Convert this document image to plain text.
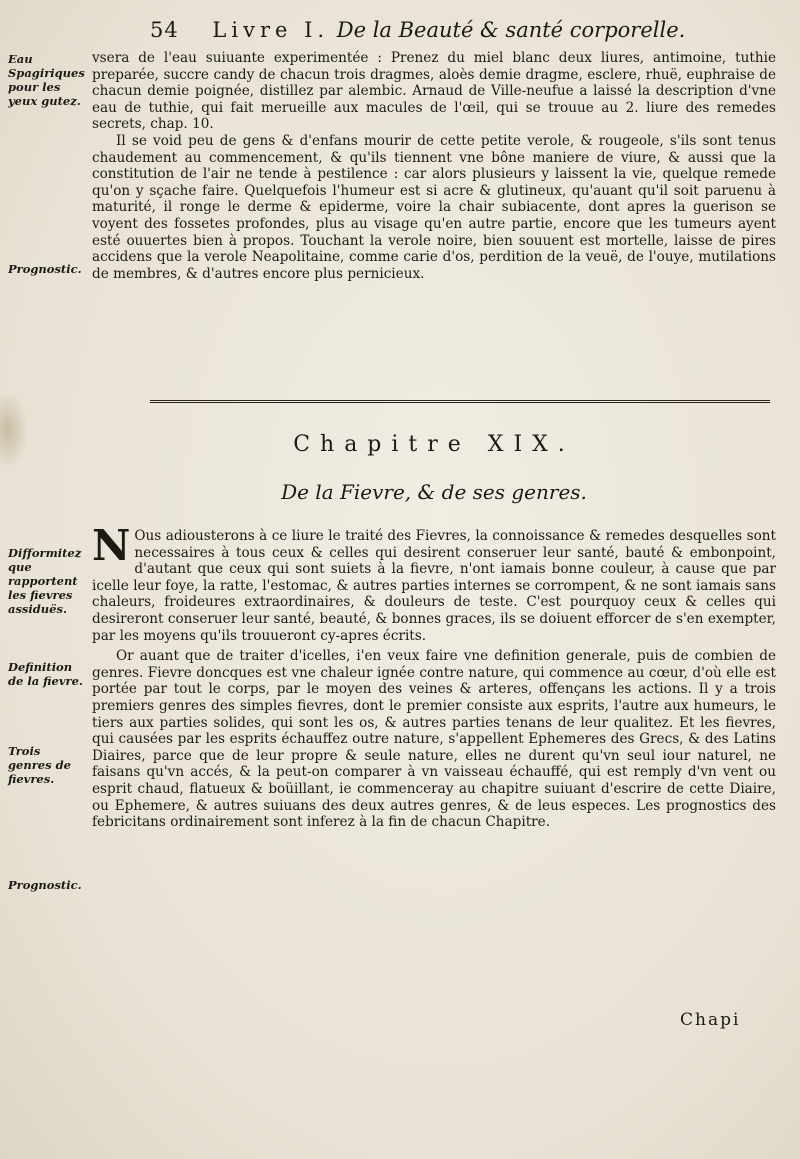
54 Livre I. De la Beauté & santé corporelle.
Eau Spagiriques pour les yeux gutez.
Prognostic.
Difformitez que rapportent les fievres assiduës.
Definition de la fievre.
Trois genres de fievres.
Prognostic.

vsera de l'eau suiuante experimentée : Prenez du miel blanc deux liures, antimoine, tuthie preparée, succre candy de chacun trois dragmes, aloès demie dragme, esclere, rhuë, euphraise de chacun demie poignée, distillez par alembic. Arnaud de Ville-neufue a laissé la description d'vne eau de tuthie, qui fait merueille aux macules de l'œil, qui se trouue au 2. liure des remedes secrets, chap. 10.

Il se void peu de gens & d'enfans mourir de cette petite verole, & rougeole, s'ils sont tenus chaudement au commencement, & qu'ils tiennent vne bône maniere de viure, & aussi que la constitution de l'air ne tende à pestilence : car alors plusieurs y laissent la vie, quelque remede qu'on y sçache faire. Quelquefois l'humeur est si acre & glutineux, qu'auant qu'il soit paruenu à maturité, il ronge le derme & epiderme, voire la chair subiacente, dont apres la guerison se voyent des fossetes profondes, plus au visage qu'en autre partie, encore que les tumeurs ayent esté ouuertes bien à propos. Touchant la verole noire, bien souuent est mortelle, laisse de pires accidens que la verole Neapolitaine, comme carie d'os, perdition de la veuë, de l'ouye, mutilations de membres, & d'autres encore plus pernicieux.

Chapitre XIX.
De la Fievre, & de ses genres.

N Ous adiousterons à ce liure le traité des Fievres, la connoissance & remedes desquelles sont necessaires à tous ceux & celles qui desirent conseruer leur santé, bauté & embonpoint, d'autant que ceux qui sont suiets à la fievre, n'ont iamais bonne couleur, à cause que par icelle leur foye, la ratte, l'estomac, & autres parties internes se corrompent, & ne sont iamais sans chaleurs, froideures extraordinaires, & douleurs de teste. C'est pourquoy ceux & celles qui desireront conseruer leur santé, beauté, & bonnes graces, ils se doiuent efforcer de s'en exempter, par les moyens qu'ils trouueront cy-apres écrits.

Or auant que de traiter d'icelles, i'en veux faire vne definition generale, puis de combien de genres. Fievre doncques est vne chaleur ignée contre nature, qui commence au cœur, d'où elle est portée par tout le corps, par le moyen des veines & arteres, offençans les actions. Il y a trois premiers genres des simples fievres, dont le premier consiste aux esprits, l'autre aux humeurs, le tiers aux parties solides, qui sont les os, & autres parties tenans de leur qualitez. Et les fievres, qui causées par les esprits échauffez outre nature, s'appellent Ephemeres des Grecs, & des Latins Diaires, parce que de leur propre & seule nature, elles ne durent qu'vn seul iour naturel, ne faisans qu'vn accés, & la peut-on comparer à vn vaisseau échauffé, qui est remply d'vn vent ou esprit chaud, flatueux & boüillant, ie commenceray au chapitre suiuant d'escrire de cette Diaire, ou Ephemere, & autres suiuans des deux autres genres, & de leus especes. Les prognostics des febricitans ordinairement sont inferez à la fin de chacun Chapitre.

Chapi
